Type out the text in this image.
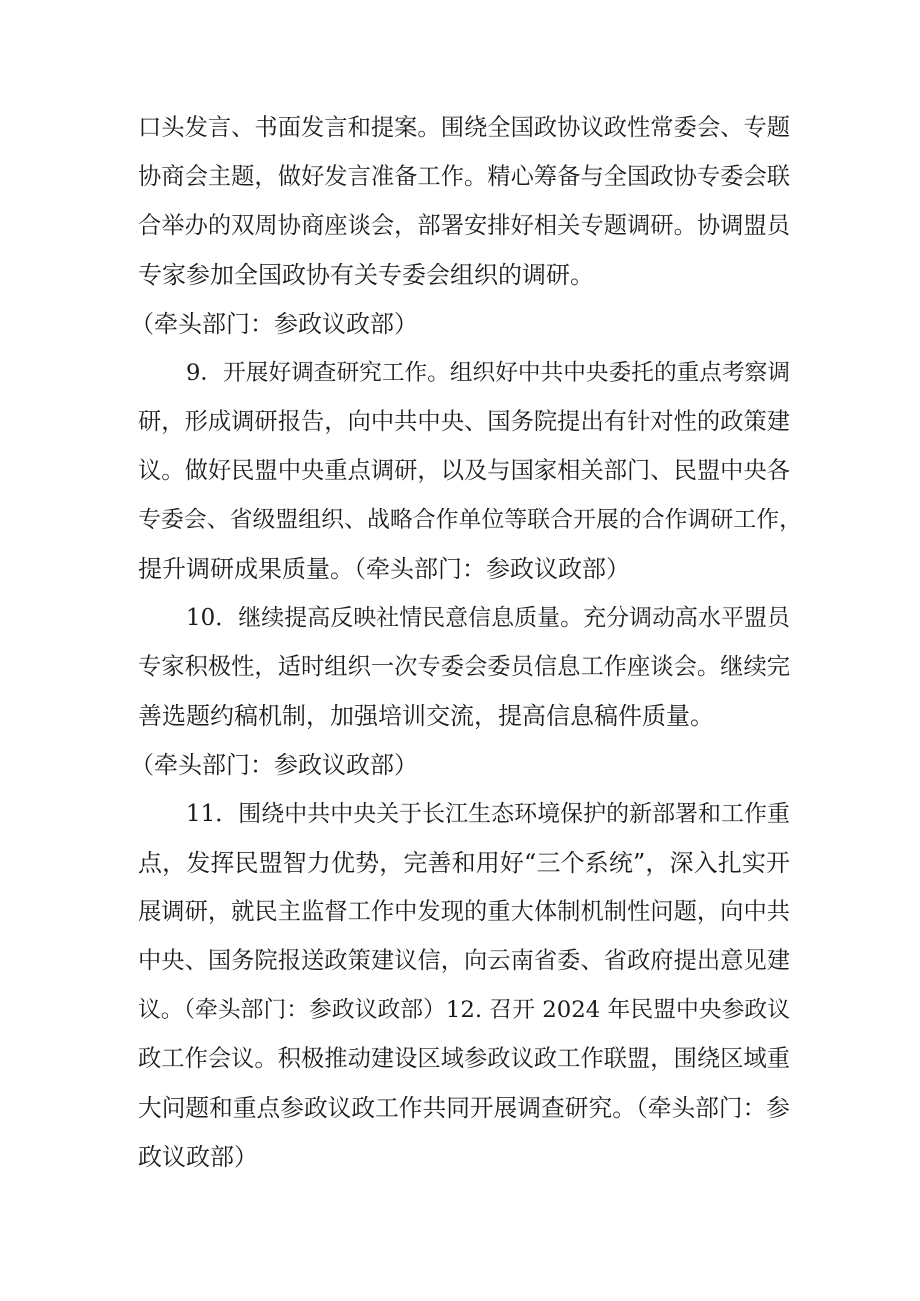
口头发言、书面发言和提案。围绕全国政协议政性常委会、专题
协商会主题，做好发言准备工作。精心筹备与全国政协专委会联
合举办的双周协商座谈会，部署安排好相关专题调研。协调盟员
专家参加全国政协有关专委会组织的调研。
（牵头部门：参政议政部）
9．开展好调查研究工作。组织好中共中央委托的重点考察调
研，形成调研报告，向中共中央、国务院提出有针对性的政策建
议。做好民盟中央重点调研，以及与国家相关部门、民盟中央各
专委会、省级盟组织、战略合作单位等联合开展的合作调研工作，
提升调研成果质量。（牵头部门：参政议政部）
10．继续提高反映社情民意信息质量。充分调动高水平盟员
专家积极性，适时组织一次专委会委员信息工作座谈会。继续完
善选题约稿机制，加强培训交流，提高信息稿件质量。
（牵头部门：参政议政部）
11．围绕中共中央关于长江生态环境保护的新部署和工作重
点，发挥民盟智力优势，完善和用好“三个系统”，深入扎实开
展调研，就民主监督工作中发现的重大体制机制性问题，向中共
中央、国务院报送政策建议信，向云南省委、省政府提出意见建
议。（牵头部门：参政议政部）12. 召开 2024 年民盟中央参政议
政工作会议。积极推动建设区域参政议政工作联盟，围绕区域重
大问题和重点参政议政工作共同开展调查研究。（牵头部门：参
政议政部）
